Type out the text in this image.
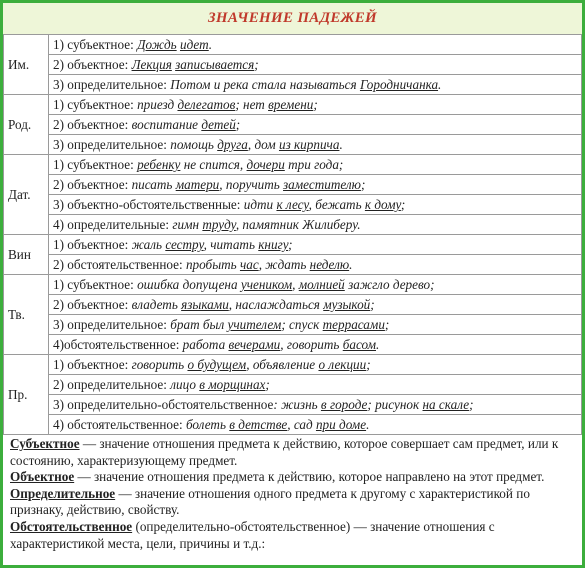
ЗНАЧЕНИЕ ПАДЕЖЕЙ
Им.	1) субъектное: Дождь идет.
	2) объектное: Лекция записывается;
	3) определительное: Потом и река стала называться Городничанка.
Род.	1) субъектное: приезд делегатов; нет времени;
	2) объектное: воспитание детей;
	3) определительное: помощь друга, дом из кирпича.
Дат.	1) субъектное: ребенку не спится, дочери три года;
	2) объектное: писать матери, поручить заместителю;
	3) объектно-обстоятельственные: идти к лесу, бежать к дому;
	4) определительные: гимн труду, памятник Жилиберу.
Вин	1) объектное: жаль сестру, читать книгу;
	2) обстоятельственное: пробыть час, ждать неделю.
Тв.	1) субъектное: ошибка допущена учеником, молнией зажгло дерево;
	2) объектное: владеть языками, наслаждаться музыкой;
	3) определительное: брат был учителем; спуск террасами;
	4)обстоятельственное: работа вечерами, говорить басом.
Пр.	1) объектное: говорить о будущем, объявление о лекции;
	2) определительное: лицо в морщинах;
	3) определительно-обстоятельственное: жизнь в городе; рисунок на скале;
	4) обстоятельственное: болеть в детстве, сад при доме.

Субъектное — значение отношения предмета к действию, которое совершает сам предмет, или к состоянию, характеризующему предмет.

Объектное — значение отношения предмета к действию, которое направлено на этот предмет.

Определительное — значение отношения одного предмета к другому с характеристикой по признаку, действию, свойству.

Обстоятельственное (определительно-обстоятельственное) — значение отношения с характеристикой места, цели, причины и т.д.:
